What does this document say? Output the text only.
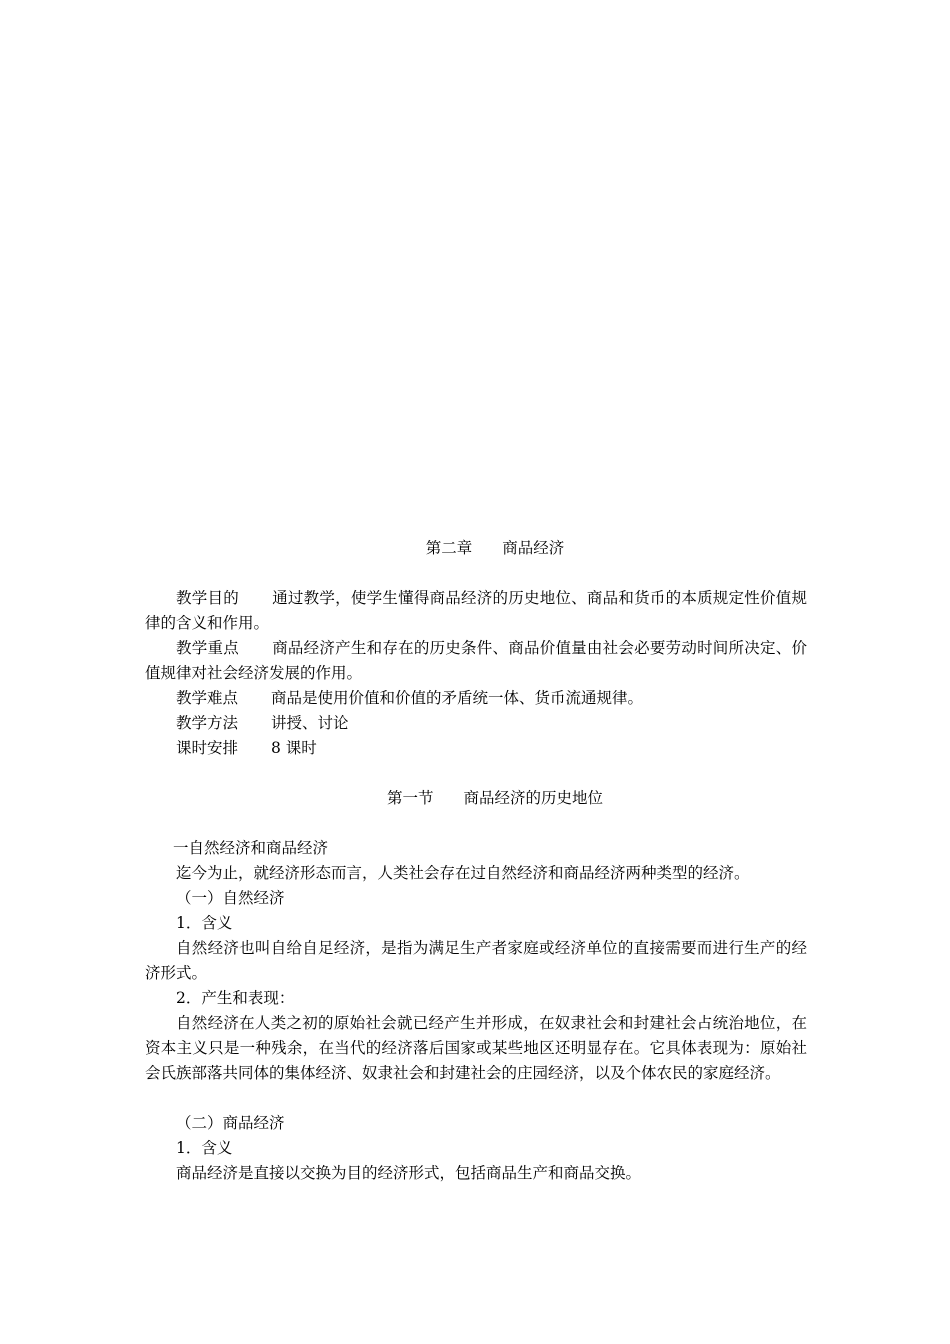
第二章 商品经济

教学目的 通过教学，使学生懂得商品经济的历史地位、商品和货币的本质规定性价值规律的含义和作用。

教学重点 商品经济产生和存在的历史条件、商品价值量由社会必要劳动时间所决定、价值规律对社会经济发展的作用。

教学难点 商品是使用价值和价值的矛盾统一体、货币流通规律。

教学方法 讲授、讨论

课时安排 8 课时

第一节 商品经济的历史地位

一自然经济和商品经济

迄今为止，就经济形态而言，人类社会存在过自然经济和商品经济两种类型的经济。

（一）自然经济

1．含义

自然经济也叫自给自足经济，是指为满足生产者家庭或经济单位的直接需要而进行生产的经济形式。

2．产生和表现：

自然经济在人类之初的原始社会就已经产生并形成，在奴隶社会和封建社会占统治地位，在资本主义只是一种残余，在当代的经济落后国家或某些地区还明显存在。它具体表现为：原始社会氏族部落共同体的集体经济、奴隶社会和封建社会的庄园经济，以及个体农民的家庭经济。

（二）商品经济

1．含义

商品经济是直接以交换为目的经济形式，包括商品生产和商品交换。
